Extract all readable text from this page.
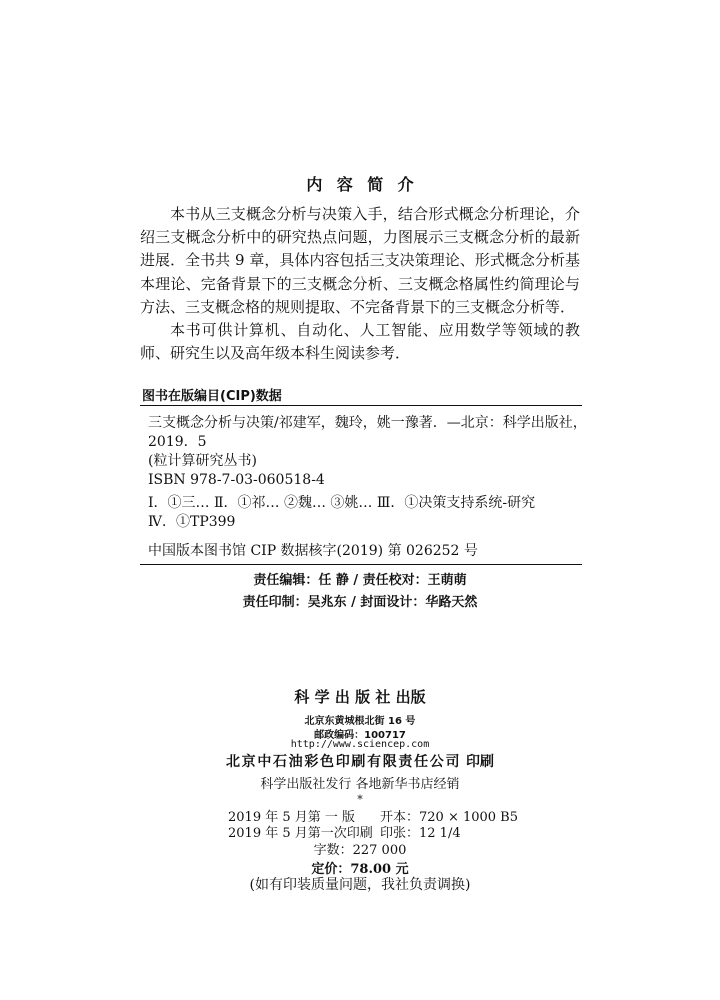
内容简介

本书从三支概念分析与决策入手，结合形式概念分析理论，介绍三支概念分析中的研究热点问题，力图展示三支概念分析的最新进展．全书共 9 章，具体内容包括三支决策理论、形式概念分析基本理论、完备背景下的三支概念分析、三支概念格属性约简理论与方法、三支概念格的规则提取、不完备背景下的三支概念分析等．

本书可供计算机、自动化、人工智能、应用数学等领域的教师、研究生以及高年级本科生阅读参考．

图书在版编目(CIP)数据
三支概念分析与决策/祁建军，魏玲，姚一豫著．—北京：科学出版社，
2019．5
(粒计算研究丛书)
ISBN 978-7-03-060518-4
Ⅰ．①三… Ⅱ．①祁… ②魏… ③姚… Ⅲ．①决策支持系统-研究
Ⅳ．①TP399
中国版本图书馆 CIP 数据核字(2019) 第 026252 号
责任编辑：任 静 / 责任校对：王萌萌
责任印制：吴兆东 / 封面设计：华路天然
科学出版社出版
北京东黄城根北街 16 号
邮政编码：100717
http://www.sciencep.com
北京中石油彩色印刷有限责任公司 印刷
科学出版社发行 各地新华书店经销
*
2019 年 5 月第 一 版 开本：720 × 1000 B5
2019 年 5 月第一次印刷 印张：12 1/4
字数：227 000
定价：78.00 元
(如有印装质量问题，我社负责调换)
